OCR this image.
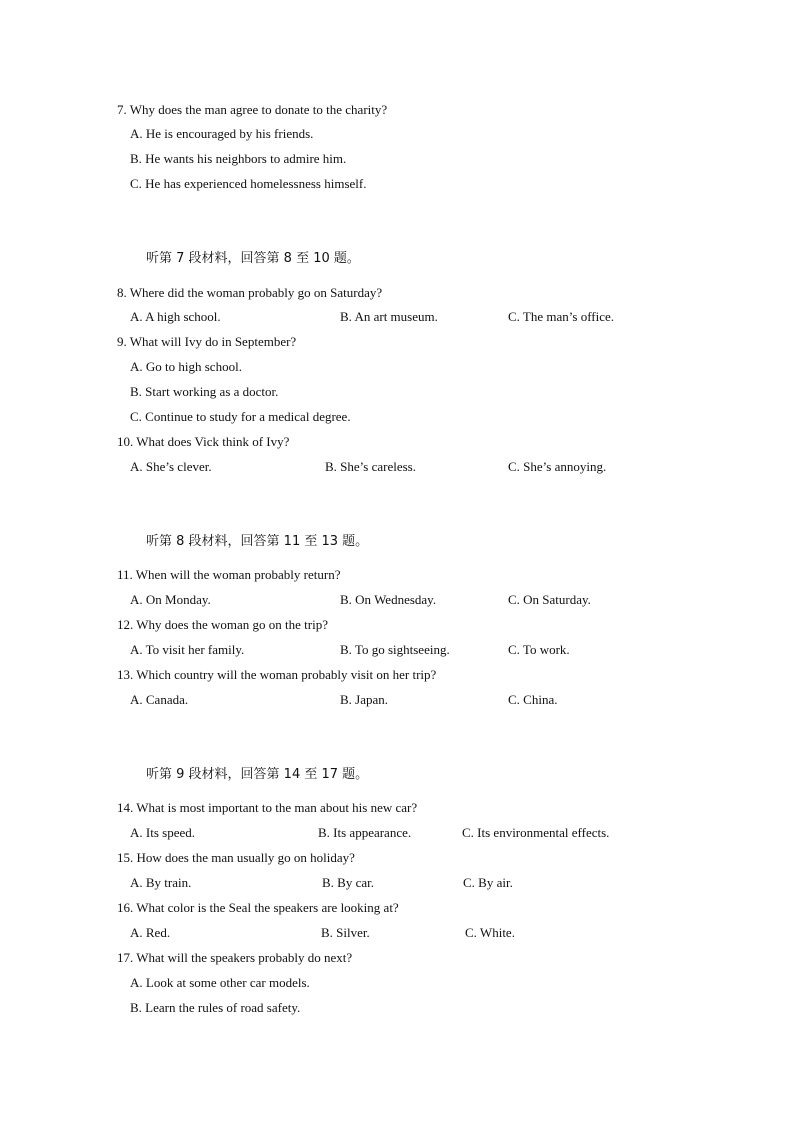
7. Why does the man agree to donate to the charity?
A. He is encouraged by his friends.
B. He wants his neighbors to admire him.
C. He has experienced homelessness himself.
听第 7 段材料，回答第 8 至 10 题。
8. Where did the woman probably go on Saturday?
A. A high school.	B. An art museum.	C. The man’s office.
9. What will Ivy do in September?
A. Go to high school.
B. Start working as a doctor.
C. Continue to study for a medical degree.
10. What does Vick think of Ivy?
A. She’s clever.	B. She’s careless.	C. She’s annoying.
听第 8 段材料，回答第 11 至 13 题。
11. When will the woman probably return?
A. On Monday.	B. On Wednesday.	C. On Saturday.
12. Why does the woman go on the trip?
A. To visit her family.	B. To go sightseeing.	C. To work.
13. Which country will the woman probably visit on her trip?
A. Canada.	B. Japan.	C. China.
听第 9 段材料，回答第 14 至 17 题。
14. What is most important to the man about his new car?
A. Its speed.	B. Its appearance.	C. Its environmental effects.
15. How does the man usually go on holiday?
A. By train.	B. By car.	C. By air.
16. What color is the Seal the speakers are looking at?
A. Red.	B. Silver.	C. White.
17. What will the speakers probably do next?
A. Look at some other car models.
B. Learn the rules of road safety.
